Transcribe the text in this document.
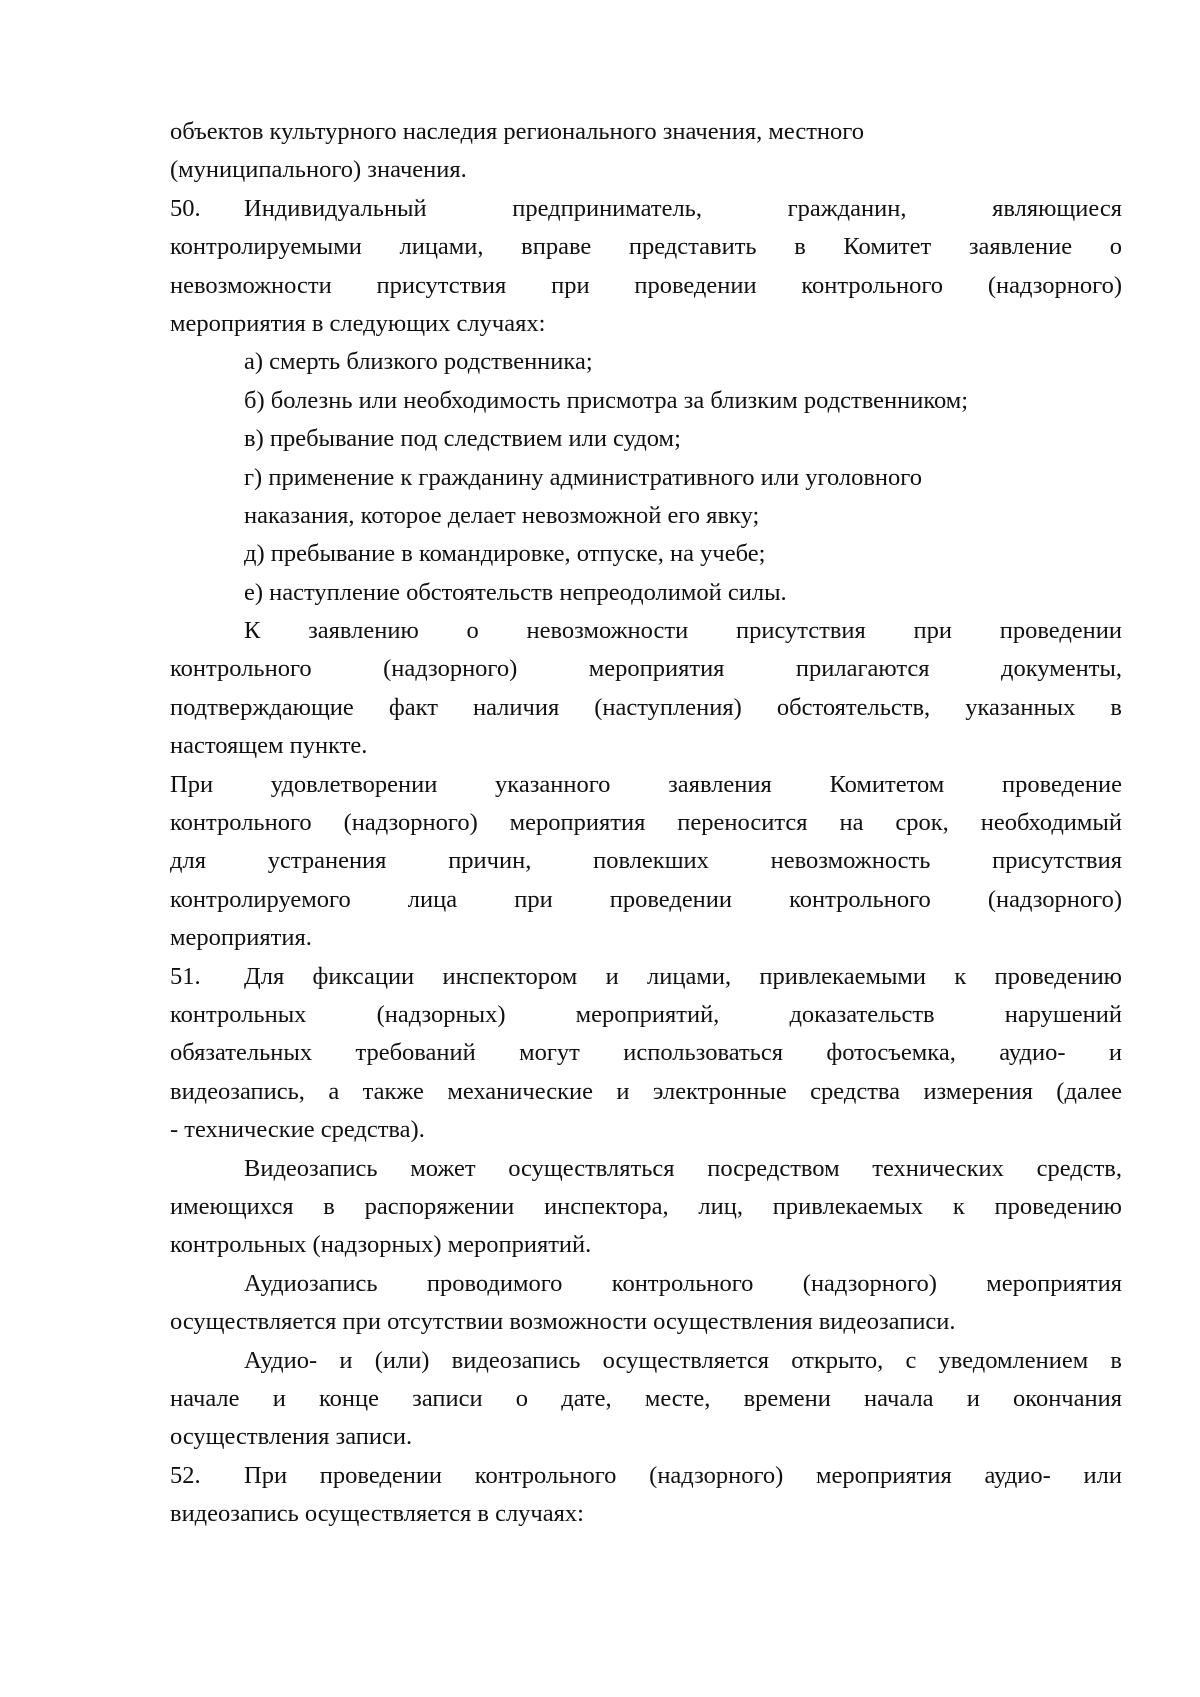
объектов культурного наследия регионального значения, местного
(муниципального) значения.
50.	Индивидуальный предприниматель, гражданин, являющиеся
контролируемыми лицами, вправе представить в Комитет заявление о
невозможности присутствия при проведении контрольного (надзорного)
мероприятия в следующих случаях:
а) смерть близкого родственника;
б) болезнь или необходимость присмотра за близким родственником;
в) пребывание под следствием или судом;
г) применение к гражданину административного или уголовного
наказания, которое делает невозможной его явку;
д) пребывание в командировке, отпуске, на учебе;
е) наступление обстоятельств непреодолимой силы.
К заявлению о невозможности присутствия при проведении
контрольного (надзорного) мероприятия прилагаются документы,
подтверждающие факт наличия (наступления) обстоятельств, указанных в
настоящем пункте.
При удовлетворении указанного заявления Комитетом проведение
контрольного (надзорного) мероприятия переносится на срок, необходимый
для устранения причин, повлекших невозможность присутствия
контролируемого лица при проведении контрольного (надзорного)
мероприятия.
51.	Для фиксации инспектором и лицами, привлекаемыми к проведению
контрольных (надзорных) мероприятий, доказательств нарушений
обязательных требований могут использоваться фотосъемка, аудио- и
видеозапись, а также механические и электронные средства измерения (далее
- технические средства).
Видеозапись может осуществляться посредством технических средств,
имеющихся в распоряжении инспектора, лиц, привлекаемых к проведению
контрольных (надзорных) мероприятий.
Аудиозапись проводимого контрольного (надзорного) мероприятия
осуществляется при отсутствии возможности осуществления видеозаписи.
Аудио- и (или) видеозапись осуществляется открыто, с уведомлением в
начале и конце записи о дате, месте, времени начала и окончания
осуществления записи.
52.	При проведении контрольного (надзорного) мероприятия аудио- или
видеозапись осуществляется в случаях:
